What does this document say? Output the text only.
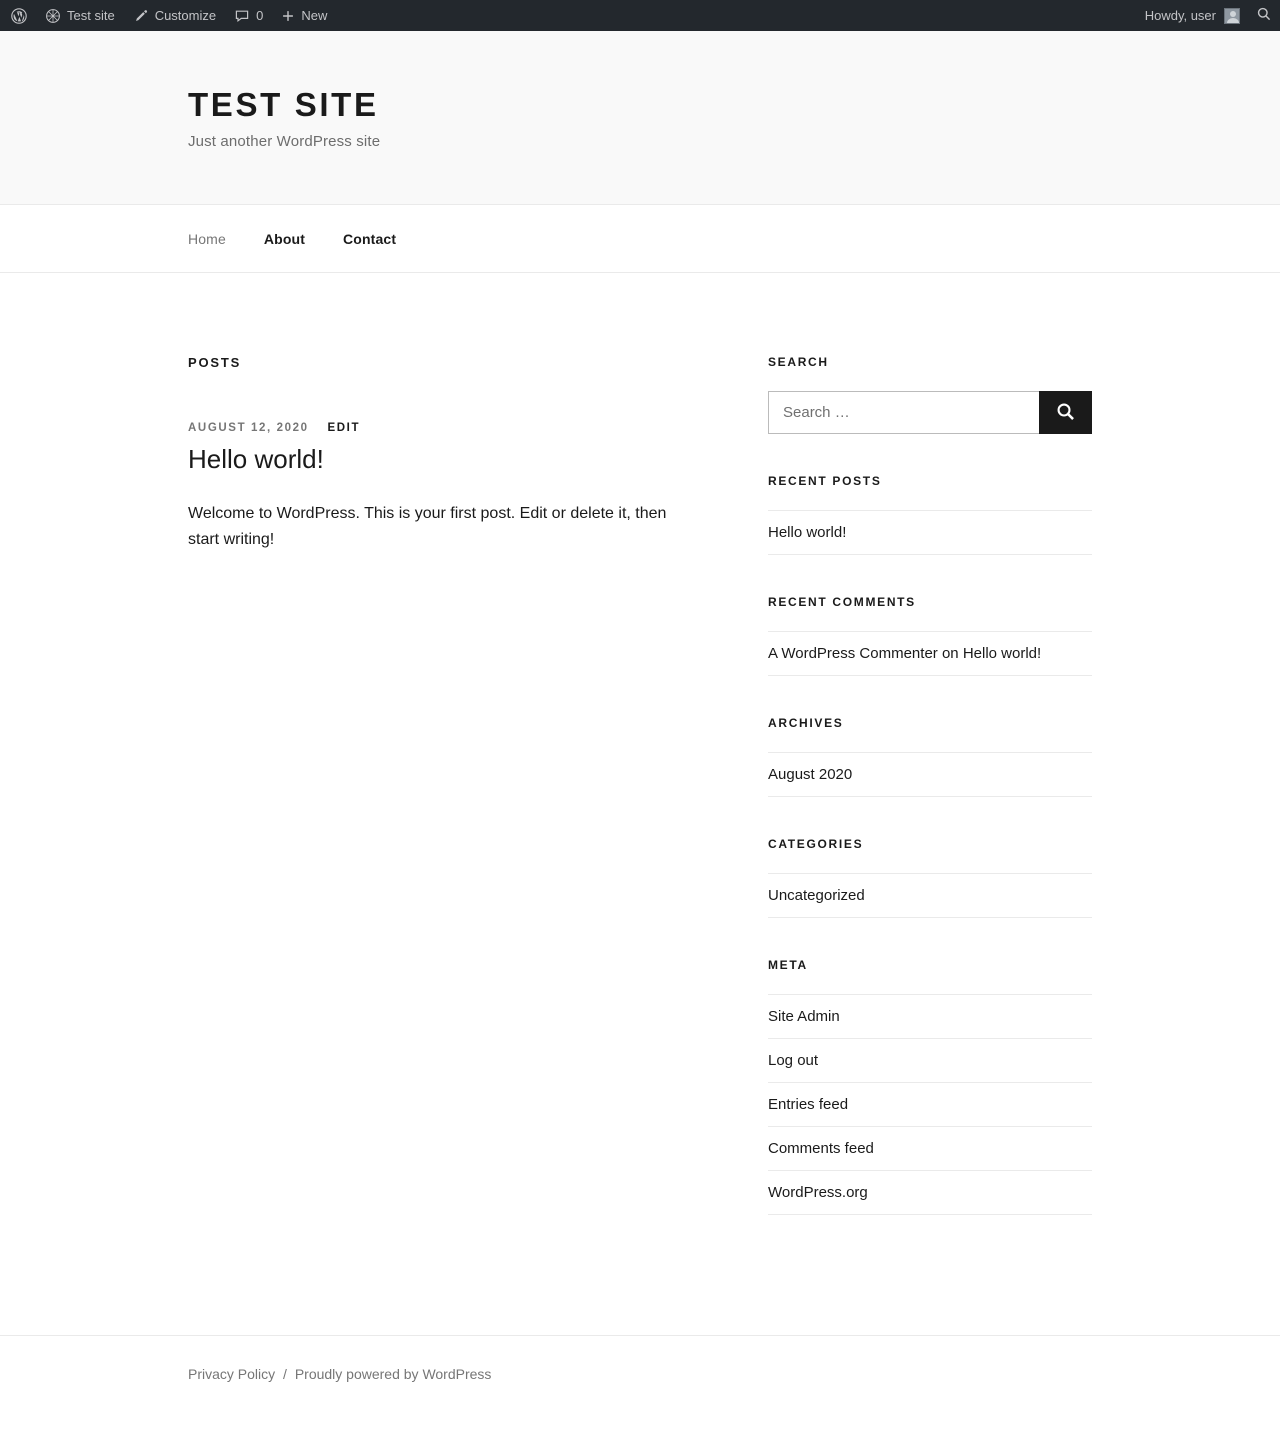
Test site	Customize	0	New	Howdy, user
TEST SITE

Just another WordPress site

Home	About	Contact
POSTS
AUGUST 12, 2020 EDIT
Hello world!

Welcome to WordPress. This is your first post. Edit or delete it, then start writing!

SEARCH
Search …
RECENT POSTS
Hello world!
RECENT COMMENTS
A WordPress Commenter on Hello world!
ARCHIVES
August 2020
CATEGORIES
Uncategorized
META
Site Admin
Log out
Entries feed
Comments feed
WordPress.org
Privacy Policy / Proudly powered by WordPress
